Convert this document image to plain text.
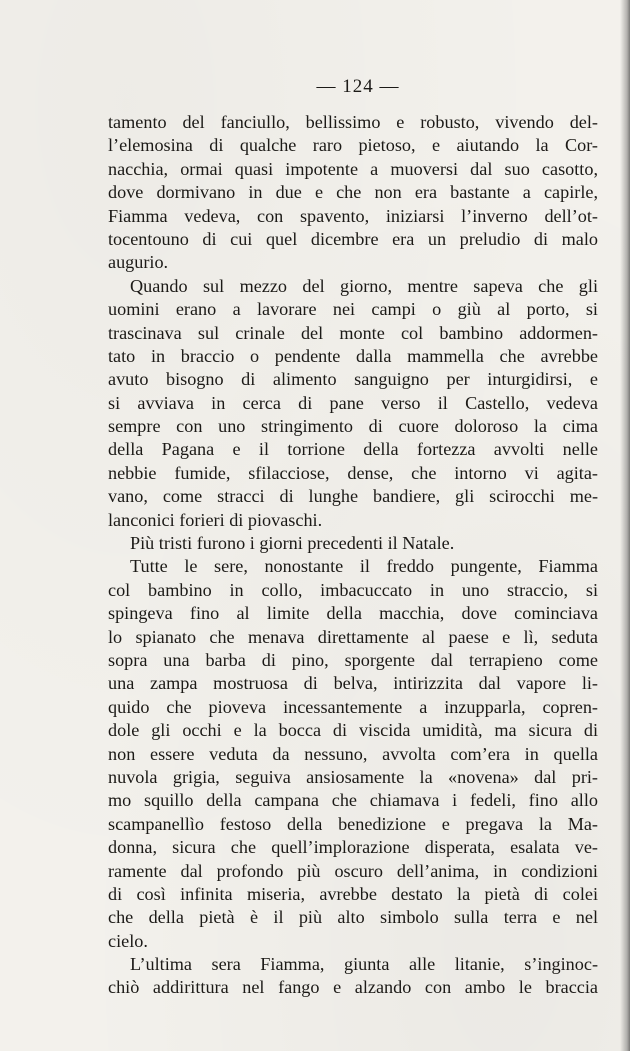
— 124 —
tamento del fanciullo, bellissimo e robusto, vivendo del-
l’elemosina di qualche raro pietoso, e aiutando la Cor-
nacchia, ormai quasi impotente a muoversi dal suo casotto,
dove dormivano in due e che non era bastante a capirle,
Fiamma vedeva, con spavento, iniziarsi l’inverno dell’ot-
tocentouno di cui quel dicembre era un preludio di malo
augurio.
Quando sul mezzo del giorno, mentre sapeva che gli
uomini erano a lavorare nei campi o giù al porto, si
trascinava sul crinale del monte col bambino addormen-
tato in braccio o pendente dalla mammella che avrebbe
avuto bisogno di alimento sanguigno per inturgidirsi, e
si avviava in cerca di pane verso il Castello, vedeva
sempre con uno stringimento di cuore doloroso la cima
della Pagana e il torrione della fortezza avvolti nelle
nebbie fumide, sfilacciose, dense, che intorno vi agita-
vano, come stracci di lunghe bandiere, gli scirocchi me-
lanconici forieri di piovaschi.
Più tristi furono i giorni precedenti il Natale.
Tutte le sere, nonostante il freddo pungente, Fiamma
col bambino in collo, imbacuccato in uno straccio, si
spingeva fino al limite della macchia, dove cominciava
lo spianato che menava direttamente al paese e lì, seduta
sopra una barba di pino, sporgente dal terrapieno come
una zampa mostruosa di belva, intirizzita dal vapore li-
quido che pioveva incessantemente a inzupparla, copren-
dole gli occhi e la bocca di viscida umidità, ma sicura di
non essere veduta da nessuno, avvolta com’era in quella
nuvola grigia, seguiva ansiosamente la «novena» dal pri-
mo squillo della campana che chiamava i fedeli, fino allo
scampanellìo festoso della benedizione e pregava la Ma-
donna, sicura che quell’implorazione disperata, esalata ve-
ramente dal profondo più oscuro dell’anima, in condizioni
di così infinita miseria, avrebbe destato la pietà di colei
che della pietà è il più alto simbolo sulla terra e nel
cielo.
L’ultima sera Fiamma, giunta alle litanie, s’inginoc-
chiò addirittura nel fango e alzando con ambo le braccia
